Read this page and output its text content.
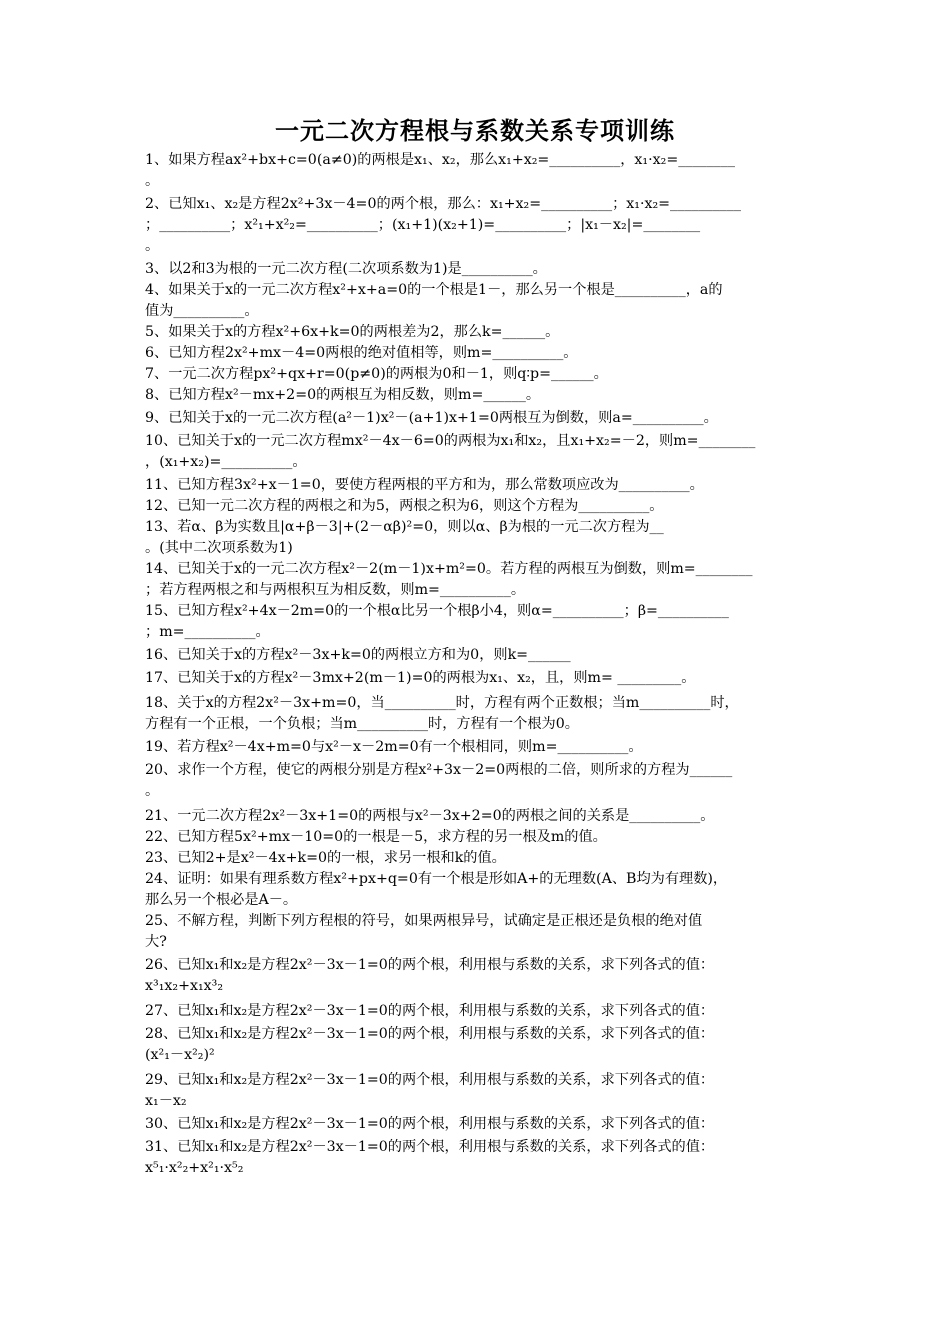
一元二次方程根与系数关系专项训练
1、如果方程ax²+bx+c=0(a≠0)的两根是x₁、x₂，那么x₁+x₂=__________，x₁·x₂=________
。
2、已知x₁、x₂是方程2x²+3x－4=0的两个根，那么：x₁+x₂=__________；x₁·x₂=__________
；__________；x²₁+x²₂=__________；(x₁+1)(x₂+1)=__________；|x₁－x₂|=________
。
3、以2和3为根的一元二次方程(二次项系数为1)是__________。
4、如果关于x的一元二次方程x²+x+a=0的一个根是1－，那么另一个根是__________，a的
值为__________。
5、如果关于x的方程x²+6x+k=0的两根差为2，那么k=______。
6、已知方程2x²+mx－4=0两根的绝对值相等，则m=__________。
7、一元二次方程px²+qx+r=0(p≠0)的两根为0和－1，则q∶p=______。
8、已知方程x²－mx+2=0的两根互为相反数，则m=______。
9、已知关于x的一元二次方程(a²－1)x²－(a+1)x+1=0两根互为倒数，则a=__________。
10、已知关于x的一元二次方程mx²－4x－6=0的两根为x₁和x₂，且x₁+x₂=－2，则m=________
，(x₁+x₂)=__________。
11、已知方程3x²+x－1=0，要使方程两根的平方和为，那么常数项应改为__________。
12、已知一元二次方程的两根之和为5，两根之积为6，则这个方程为__________。
13、若α、β为实数且|α+β－3|+(2－αβ)²=0，则以α、β为根的一元二次方程为__
。(其中二次项系数为1)
14、已知关于x的一元二次方程x²－2(m－1)x+m²=0。若方程的两根互为倒数，则m=________
；若方程两根之和与两根积互为相反数，则m=__________。
15、已知方程x²+4x－2m=0的一个根α比另一个根β小4，则α=__________；β=__________
；m=__________。
16、已知关于x的方程x²－3x+k=0的两根立方和为0，则k=______
17、已知关于x的方程x²－3mx+2(m－1)=0的两根为x₁、x₂，且，则m= _________。
18、关于x的方程2x²－3x+m=0，当__________时，方程有两个正数根；当m__________时，
方程有一个正根，一个负根；当m__________时，方程有一个根为0。
19、若方程x²－4x+m=0与x²－x－2m=0有一个根相同，则m=__________。
20、求作一个方程，使它的两根分别是方程x²+3x－2=0两根的二倍，则所求的方程为______
。
21、一元二次方程2x²－3x+1=0的两根与x²－3x+2=0的两根之间的关系是__________。
22、已知方程5x²+mx－10=0的一根是－5，求方程的另一根及m的值。
23、已知2+是x²－4x+k=0的一根，求另一根和k的值。
24、证明：如果有理系数方程x²+px+q=0有一个根是形如A+的无理数(A、B均为有理数)，
那么另一个根必是A－。
25、不解方程，判断下列方程根的符号，如果两根异号，试确定是正根还是负根的绝对值
大?
26、已知x₁和x₂是方程2x²－3x－1=0的两个根，利用根与系数的关系，求下列各式的值：
x³₁x₂+x₁x³₂
27、已知x₁和x₂是方程2x²－3x－1=0的两个根，利用根与系数的关系，求下列各式的值：
28、已知x₁和x₂是方程2x²－3x－1=0的两个根，利用根与系数的关系，求下列各式的值：
(x²₁－x²₂)²
29、已知x₁和x₂是方程2x²－3x－1=0的两个根，利用根与系数的关系，求下列各式的值：
x₁－x₂
30、已知x₁和x₂是方程2x²－3x－1=0的两个根，利用根与系数的关系，求下列各式的值：
31、已知x₁和x₂是方程2x²－3x－1=0的两个根，利用根与系数的关系，求下列各式的值：
x⁵₁·x²₂+x²₁·x⁵₂
